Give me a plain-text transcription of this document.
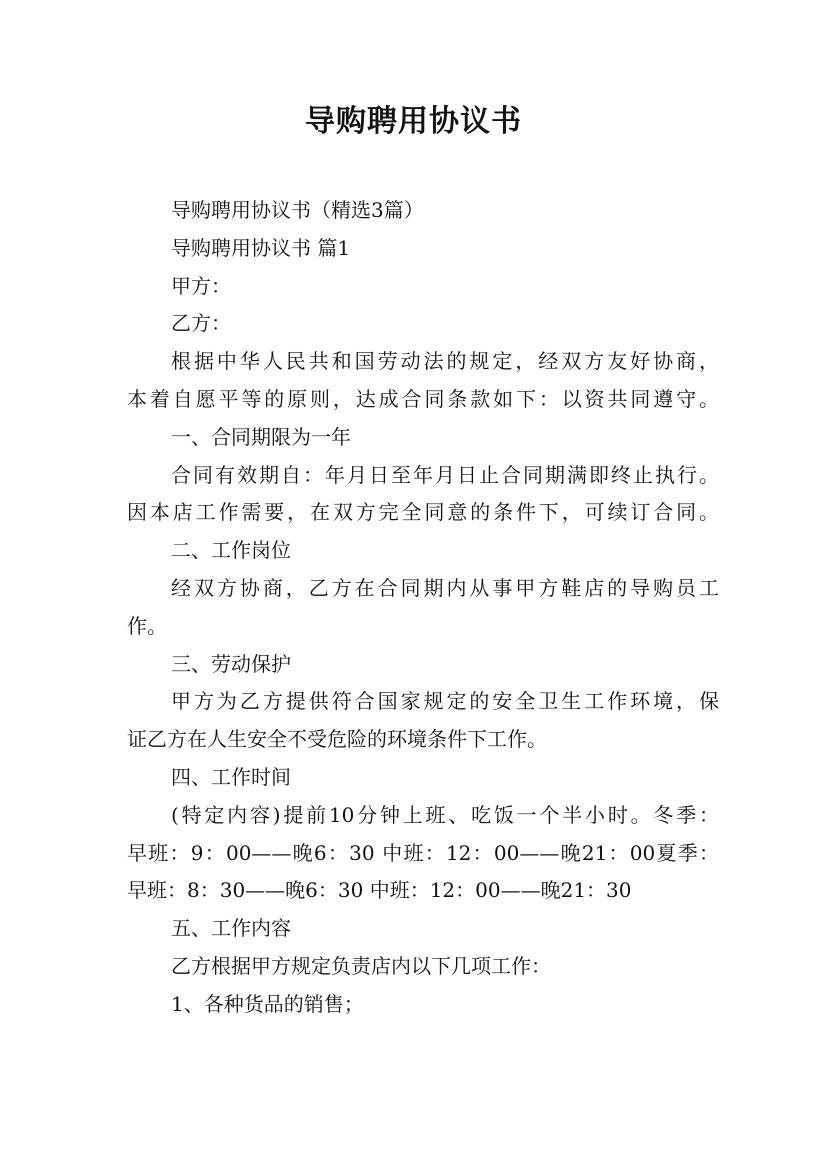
导购聘用协议书

导购聘用协议书（精选3篇）

导购聘用协议书 篇1

甲方：

乙方：

根据中华人民共和国劳动法的规定，经双方友好协商，

本着自愿平等的原则，达成合同条款如下：以资共同遵守。

一、合同期限为一年

合同有效期自：年月日至年月日止合同期满即终止执行。

因本店工作需要，在双方完全同意的条件下，可续订合同。

二、工作岗位

经双方协商，乙方在合同期内从事甲方鞋店的导购员工

作。

三、劳动保护

甲方为乙方提供符合国家规定的安全卫生工作环境，保

证乙方在人生安全不受危险的环境条件下工作。

四、工作时间

(特定内容)提前10分钟上班、吃饭一个半小时。冬季：

早班：9：00——晚6：30 中班：12：00——晚21：00夏季：

早班：8：30——晚6：30 中班：12：00——晚21：30

五、工作内容

乙方根据甲方规定负责店内以下几项工作：

1、各种货品的销售；
